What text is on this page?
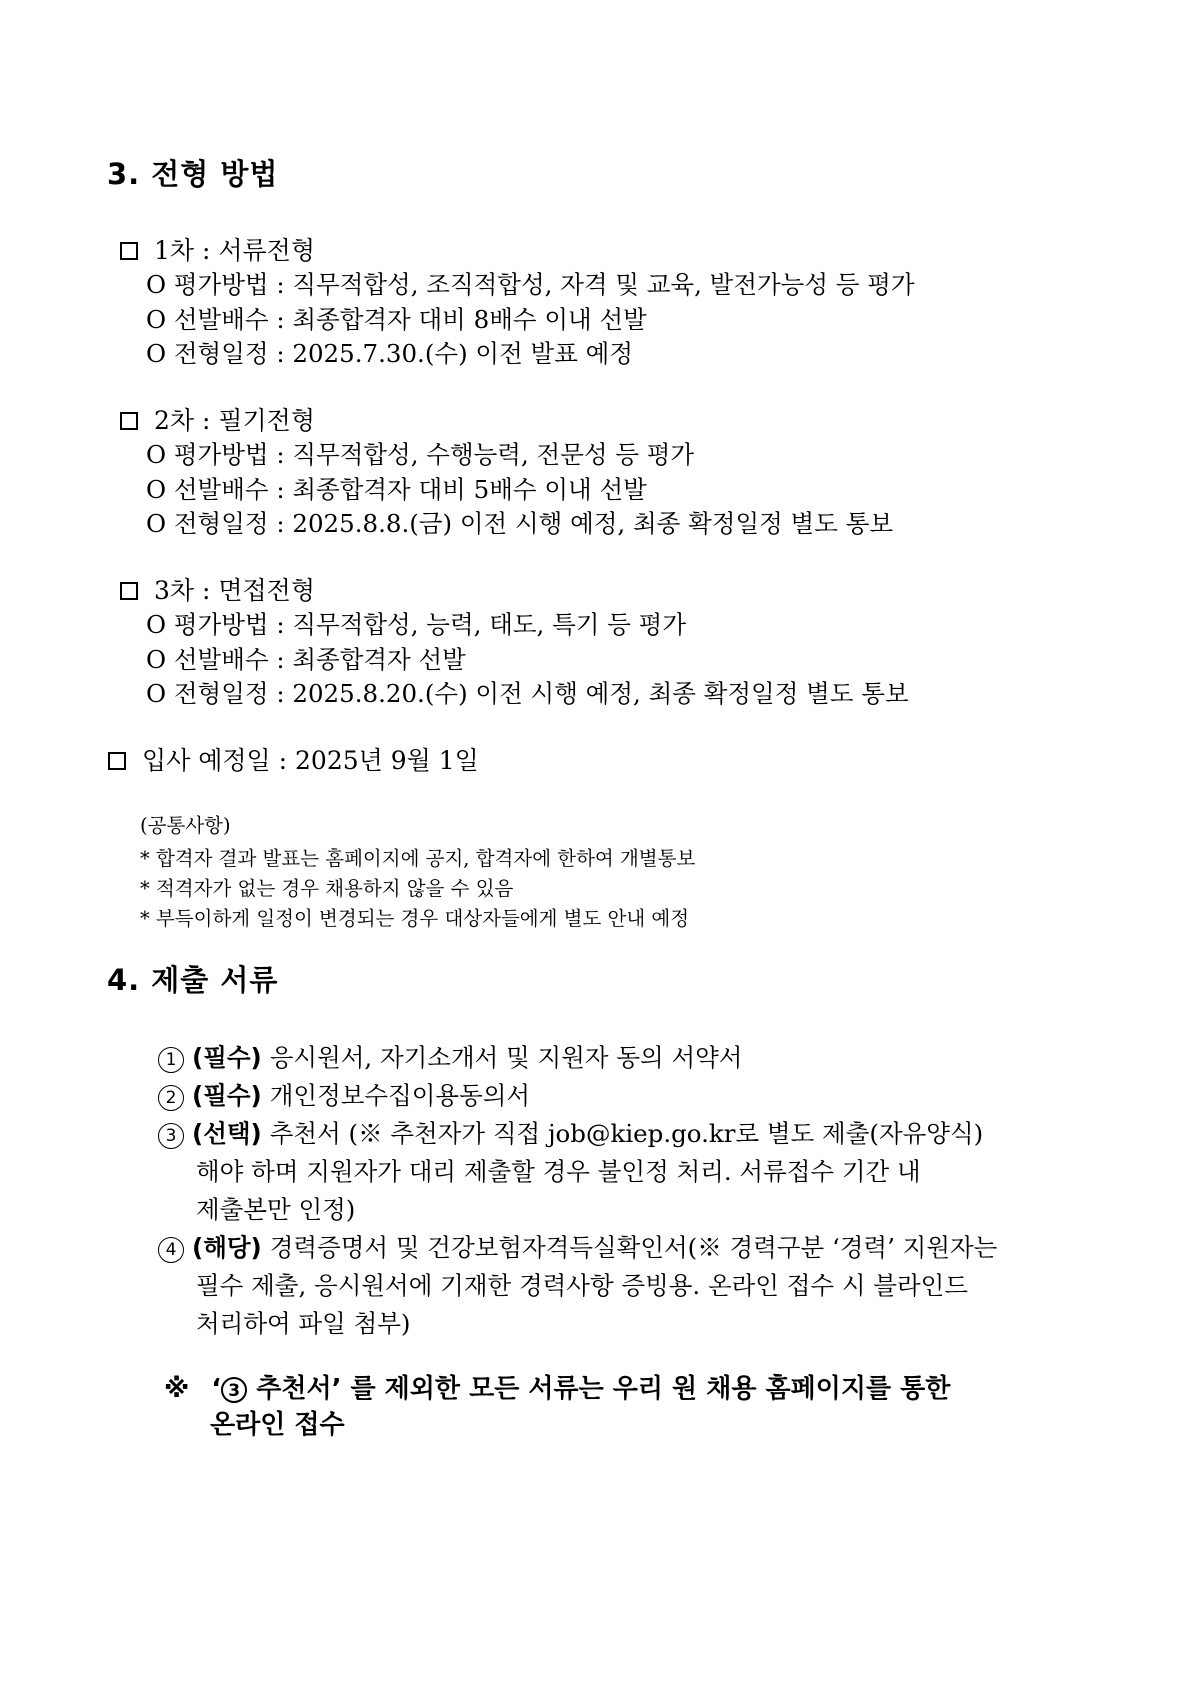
3. 전형 방법
1차 : 서류전형
O 평가방법 : 직무적합성, 조직적합성, 자격 및 교육, 발전가능성 등 평가
O 선발배수 : 최종합격자 대비 8배수 이내 선발
O 전형일정 : 2025.7.30.(수) 이전 발표 예정
2차 : 필기전형
O 평가방법 : 직무적합성, 수행능력, 전문성 등 평가
O 선발배수 : 최종합격자 대비 5배수 이내 선발
O 전형일정 : 2025.8.8.(금) 이전 시행 예정, 최종 확정일정 별도 통보
3차 : 면접전형
O 평가방법 : 직무적합성, 능력, 태도, 특기 등 평가
O 선발배수 : 최종합격자 선발
O 전형일정 : 2025.8.20.(수) 이전 시행 예정, 최종 확정일정 별도 통보
입사 예정일 : 2025년 9월 1일
(공통사항)
* 합격자 결과 발표는 홈페이지에 공지, 합격자에 한하여 개별통보
* 적격자가 없는 경우 채용하지 않을 수 있음
* 부득이하게 일정이 변경되는 경우 대상자들에게 별도 안내 예정
4. 제출 서류
1 (필수) 응시원서, 자기소개서 및 지원자 동의 서약서
2 (필수) 개인정보수집이용동의서
3 (선택) 추천서 (※ 추천자가 직접 job@kiep.go.kr로 별도 제출(자유양식)
해야 하며 지원자가 대리 제출할 경우 불인정 처리. 서류접수 기간 내
제출본만 인정)
4 (해당) 경력증명서 및 건강보험자격득실확인서(※ 경력구분 ‘경력’ 지원자는
필수 제출, 응시원서에 기재한 경력사항 증빙용. 온라인 접수 시 블라인드
처리하여 파일 첨부)
※ ‘ 3 추천서’ 를 제외한 모든 서류는 우리 원 채용 홈페이지를 통한
온라인 접수
